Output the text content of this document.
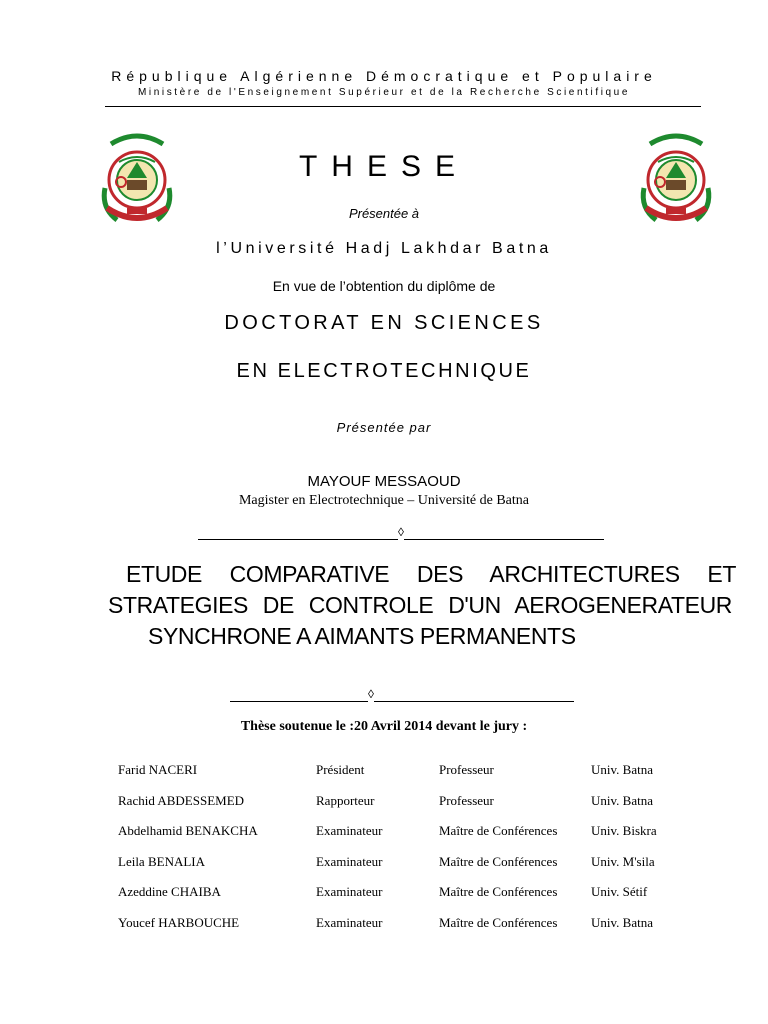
République Algérienne Démocratique et Populaire
Ministère de l'Enseignement Supérieur et de la Recherche Scientifique
THESE
Présentée à
l’Université Hadj Lakhdar Batna
En vue de l’obtention du diplôme de
DOCTORAT EN SCIENCES
EN ELECTROTECHNIQUE
Présentée par
MAYOUF MESSAOUD
Magister en Electrotechnique – Université de Batna
◊
ETUDE COMPARATIVE DES ARCHITECTURES ET
STRATEGIES DE CONTROLE D'UN AEROGENERATEUR
SYNCHRONE A AIMANTS PERMANENTS
◊
Thèse soutenue le :20 Avril 2014 devant le jury :
Farid NACERI	Président	Professeur	Univ. Batna
Rachid ABDESSEMED	Rapporteur	Professeur	Univ. Batna
Abdelhamid BENAKCHA	Examinateur	Maître de Conférences	Univ. Biskra
Leila BENALIA	Examinateur	Maître de Conférences	Univ. M'sila
Azeddine CHAIBA	Examinateur	Maître de Conférences	Univ. Sétif
Youcef HARBOUCHE	Examinateur	Maître de Conférences	Univ. Batna
